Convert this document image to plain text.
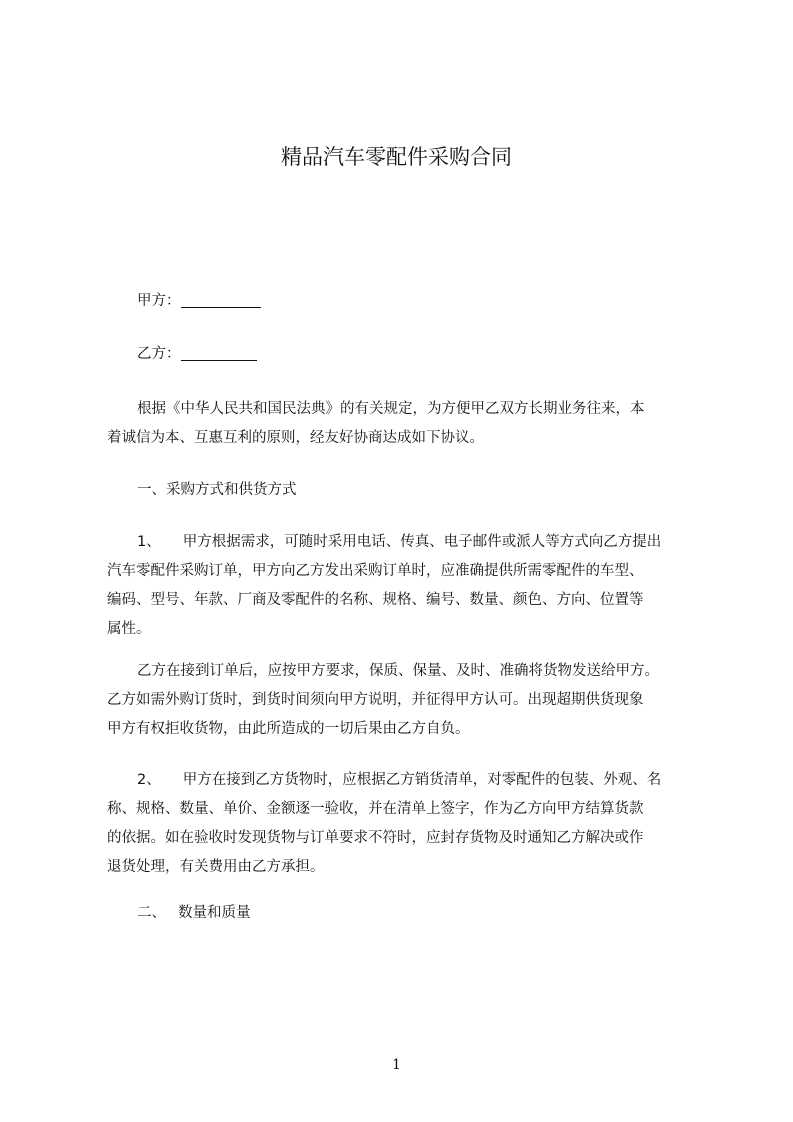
精品汽车零配件采购合同
甲方：
乙方：
根据《中华人民共和国民法典》的有关规定，为方便甲乙双方长期业务往来，本
着诚信为本、互惠互利的原则，经友好协商达成如下协议。
一、采购方式和供货方式
1、 甲方根据需求，可随时采用电话、传真、电子邮件或派人等方式向乙方提出
汽车零配件采购订单，甲方向乙方发出采购订单时，应准确提供所需零配件的车型、
编码、型号、年款、厂商及零配件的名称、规格、编号、数量、颜色、方向、位置等
属性。
乙方在接到订单后，应按甲方要求，保质、保量、及时、准确将货物发送给甲方。
乙方如需外购订货时，到货时间须向甲方说明，并征得甲方认可。出现超期供货现象
甲方有权拒收货物，由此所造成的一切后果由乙方自负。
2、 甲方在接到乙方货物时，应根据乙方销货清单，对零配件的包装、外观、名
称、规格、数量、单价、金额逐一验收，并在清单上签字，作为乙方向甲方结算货款
的依据。如在验收时发现货物与订单要求不符时，应封存货物及时通知乙方解决或作
退货处理，有关费用由乙方承担。
二、 数量和质量
1
